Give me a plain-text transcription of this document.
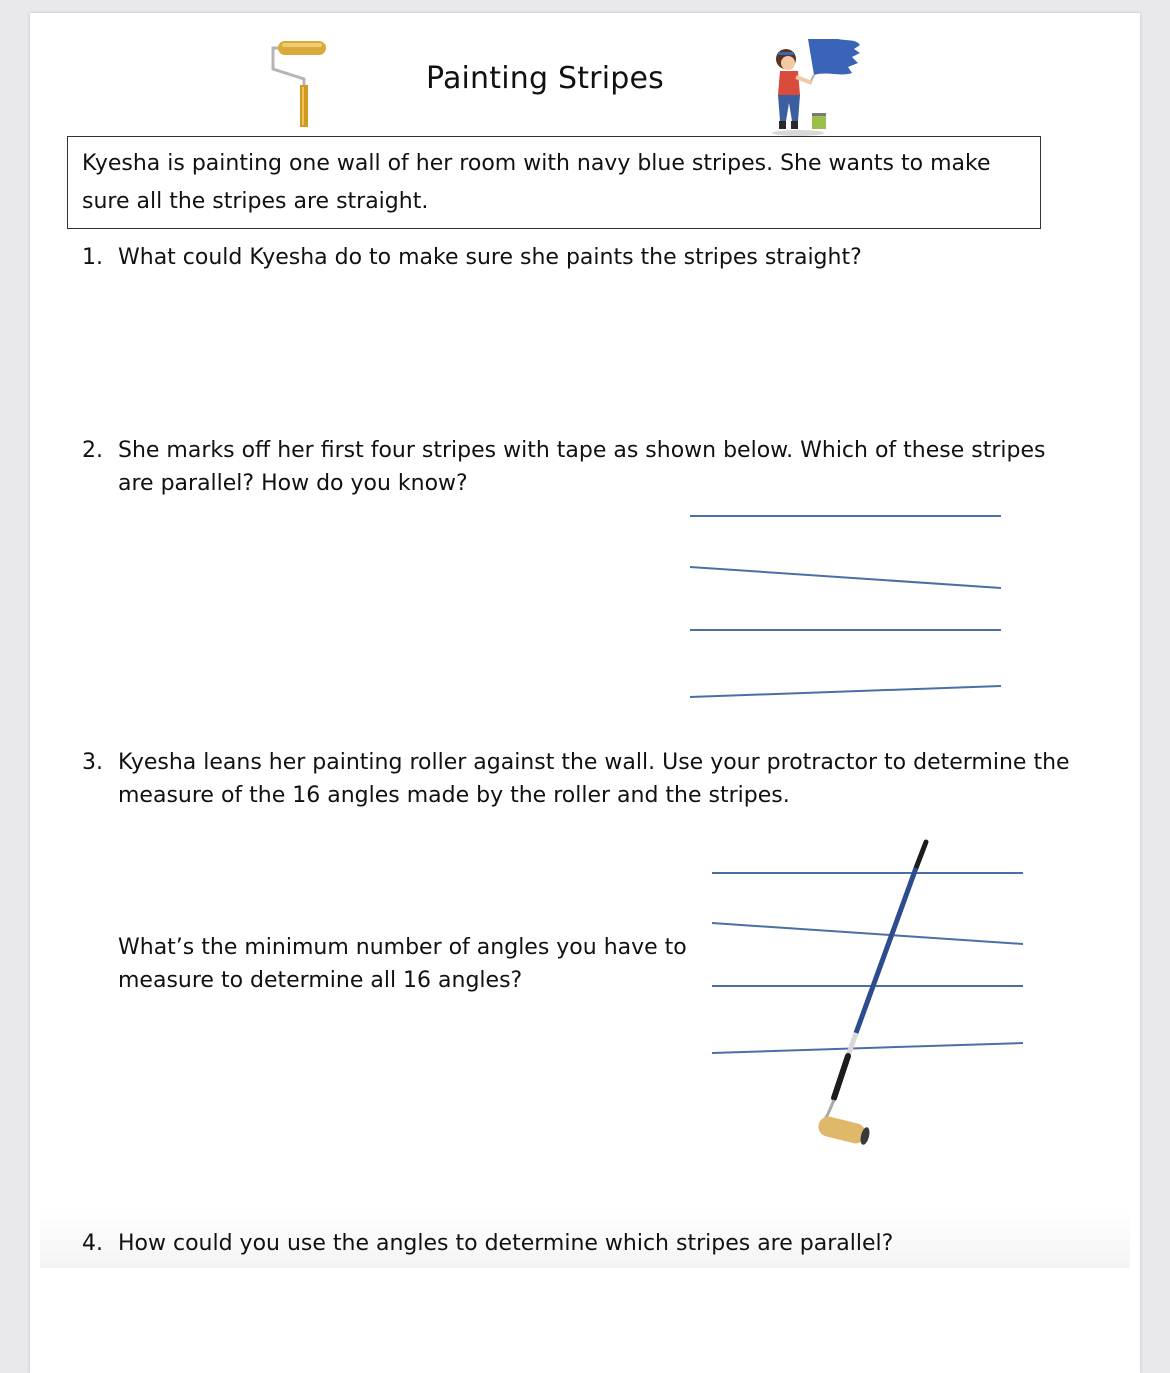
Painting Stripes
Kyesha is painting one wall of her room with navy blue stripes. She wants to make sure all the stripes are straight.
1. What could Kyesha do to make sure she paints the stripes straight?
2. She marks off her first four stripes with tape as shown below. Which of these stripes are parallel? How do you know?
3. Kyesha leans her painting roller against the wall. Use your protractor to determine the measure of the 16 angles made by the roller and the stripes.
What’s the minimum number of angles you have to measure to determine all 16 angles?
4. How could you use the angles to determine which stripes are parallel?
